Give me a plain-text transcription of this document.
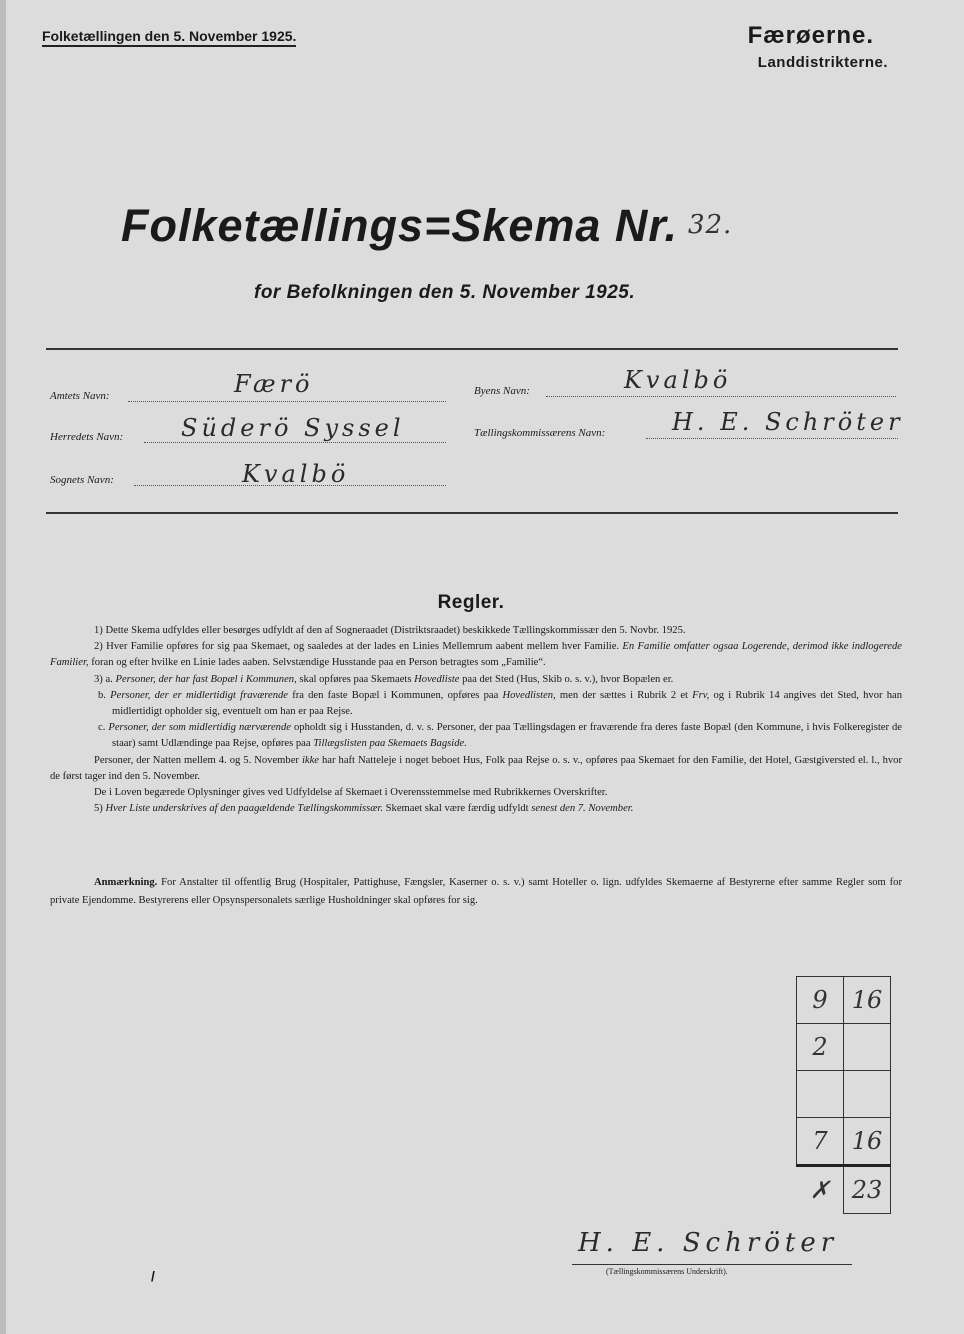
Folketællingen den 5. November 1925.	Færøerne.
Landdistrikterne.
Folketællings=Skema Nr. 32.
for Befolkningen den 5. November 1925.
Amtets Navn:	Færö
Herredets Navn: Süderö Syssel
Sognets Navn:	Kvalbö
Byens Navn:	Kvalbö
Tællingskommissærens Navn:	H. E. Schröter
Regler.

1) Dette Skema udfyldes eller besørges udfyldt af den af Sogneraadet (Distriktsraadet) beskikkede Tællingskommissær den 5. Novbr. 1925.

2) Hver Familie opføres for sig paa Skemaet, og saaledes at der lades en Linies Mellemrum aabent mellem hver Familie. En Familie omfatter ogsaa Logerende, derimod ikke indlogerede Familier, foran og efter hvilke en Linie lades aaben. Selvstændige Husstande paa en Person betragtes som „Familie“.

3) a. Personer, der har fast Bopæl i Kommunen, skal opføres paa Skemaets Hovedliste paa det Sted (Hus, Skib o. s. v.), hvor Bopælen er.

b. Personer, der er midlertidigt fraværende fra den faste Bopæl i Kommunen, opføres paa Hovedlisten, men der sættes i Rubrik 2 et Frv, og i Rubrik 14 angives det Sted, hvor han midlertidigt opholder sig, eventuelt om han er paa Rejse.

c. Personer, der som midlertidig nærværende opholdt sig i Husstanden, d. v. s. Personer, der paa Tællingsdagen er fraværende fra deres faste Bopæl (den Kommune, i hvis Folkeregister de staar) samt Udlændinge paa Rejse, opføres paa Tillægslisten paa Skemaets Bagside.

Personer, der Natten mellem 4. og 5. November ikke har haft Natteleje i noget beboet Hus, Folk paa Rejse o. s. v., opføres paa Skemaet for den Familie, det Hotel, Gæstgiversted el. l., hvor de først tager ind den 5. November.

De i Loven begærede Oplysninger gives ved Udfyldelse af Skemaet i Overensstemmelse med Rubrikkernes Overskrifter.

5) Hver Liste underskrives af den paagældende Tællingskommissær. Skemaet skal være færdig udfyldt senest den 7. November.

Anmærkning. For Anstalter til offentlig Brug (Hospitaler, Pattighuse, Fængsler, Kaserner o. s. v.) samt Hoteller o. lign. udfyldes Skemaerne af Bestyrerne efter samme Regler som for private Ejendomme. Bestyrerens eller Opsynspersonalets særlige Husholdninger skal opføres for sig.
9	16
2	

7	16
✗	23
H. E. Schröter
(Tællingskommissærens Underskrift).
/
